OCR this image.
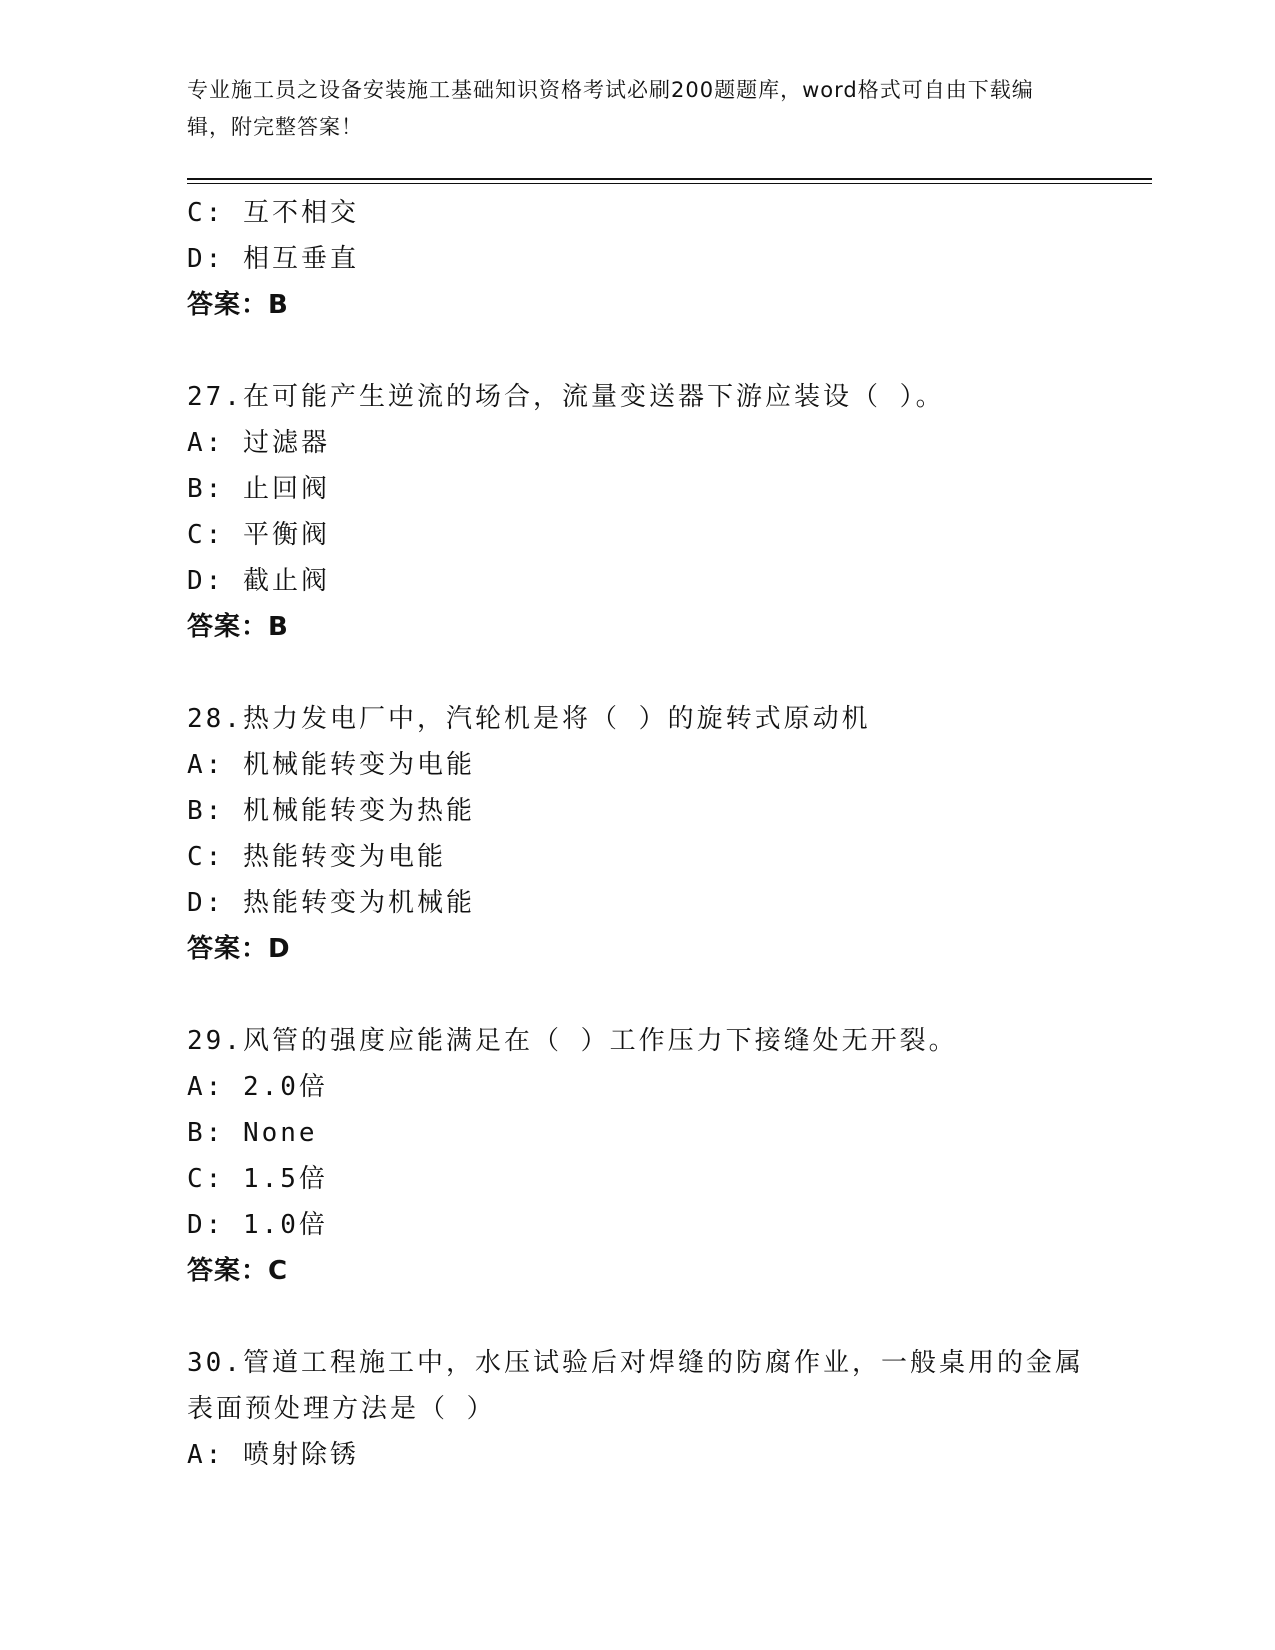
专业施工员之设备安装施工基础知识资格考试必刷200题题库，word格式可自由下载编辑，附完整答案！
C: 互不相交
D: 相互垂直
答案：B
27.在可能产生逆流的场合，流量变送器下游应装设（ ）。
A: 过滤器
B: 止回阀
C: 平衡阀
D: 截止阀
答案：B
28.热力发电厂中，汽轮机是将（ ）的旋转式原动机
A: 机械能转变为电能
B: 机械能转变为热能
C: 热能转变为电能
D: 热能转变为机械能
答案：D
29.风管的强度应能满足在（ ）工作压力下接缝处无开裂。
A: 2.0倍
B: None
C: 1.5倍
D: 1.0倍
答案：C
30.管道工程施工中，水压试验后对焊缝的防腐作业，一般桌用的金属表面预处理方法是（ ）
A: 喷射除锈
